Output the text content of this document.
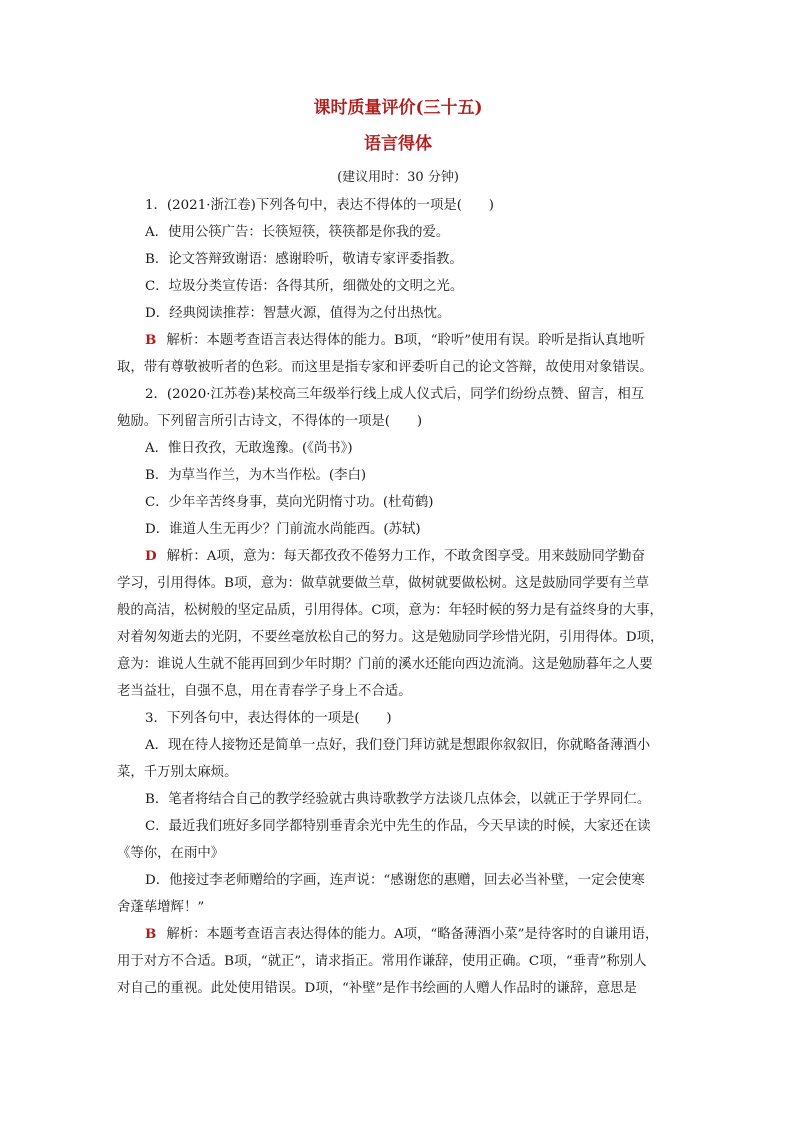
课时质量评价(三十五)
语言得体
(建议用时：30 分钟)
1．(2021·浙江卷)下列各句中，表达不得体的一项是(　　)
A．使用公筷广告：长筷短筷，筷筷都是你我的爱。
B．论文答辩致谢语：感谢聆听，敬请专家评委指教。
C．垃圾分类宣传语：各得其所，细微处的文明之光。
D．经典阅读推荐：智慧火源，值得为之付出热忱。
B 解析：本题考查语言表达得体的能力。B项，“聆听”使用有误。聆听是指认真地听
取，带有尊敬被听者的色彩。而这里是指专家和评委听自己的论文答辩，故使用对象错误。
2．(2020·江苏卷)某校高三年级举行线上成人仪式后，同学们纷纷点赞、留言，相互
勉励。下列留言所引古诗文，不得体的一项是(　　)
A．惟日孜孜，无敢逸豫。(《尚书》)
B．为草当作兰，为木当作松。(李白)
C．少年辛苦终身事，莫向光阴惰寸功。(杜荀鹤)
D．谁道人生无再少？门前流水尚能西。(苏轼)
D 解析：A项，意为：每天都孜孜不倦努力工作，不敢贪图享受。用来鼓励同学勤奋
学习，引用得体。B项，意为：做草就要做兰草，做树就要做松树。这是鼓励同学要有兰草
般的高洁，松树般的坚定品质，引用得体。C项，意为：年轻时候的努力是有益终身的大事，
对着匆匆逝去的光阴，不要丝毫放松自己的努力。这是勉励同学珍惜光阴，引用得体。D项，
意为：谁说人生就不能再回到少年时期？门前的溪水还能向西边流淌。这是勉励暮年之人要
老当益壮，自强不息，用在青春学子身上不合适。
3．下列各句中，表达得体的一项是(　　)
A．现在待人接物还是简单一点好，我们登门拜访就是想跟你叙叙旧，你就略备薄酒小
菜，千万别太麻烦。
B．笔者将结合自己的教学经验就古典诗歌教学方法谈几点体会，以就正于学界同仁。
C．最近我们班好多同学都特别垂青余光中先生的作品，今天早读的时候，大家还在读
《等你，在雨中》
D．他接过李老师赠给的字画，连声说：“感谢您的惠赠，回去必当补壁，一定会使寒
舍蓬荜增辉！”
B 解析：本题考查语言表达得体的能力。A项，“略备薄酒小菜”是待客时的自谦用语，
用于对方不合适。B项，“就正”，请求指正。常用作谦辞，使用正确。C项，“垂青”称别人
对自己的重视。此处使用错误。D项，“补壁”是作书绘画的人赠人作品时的谦辞，意思是
